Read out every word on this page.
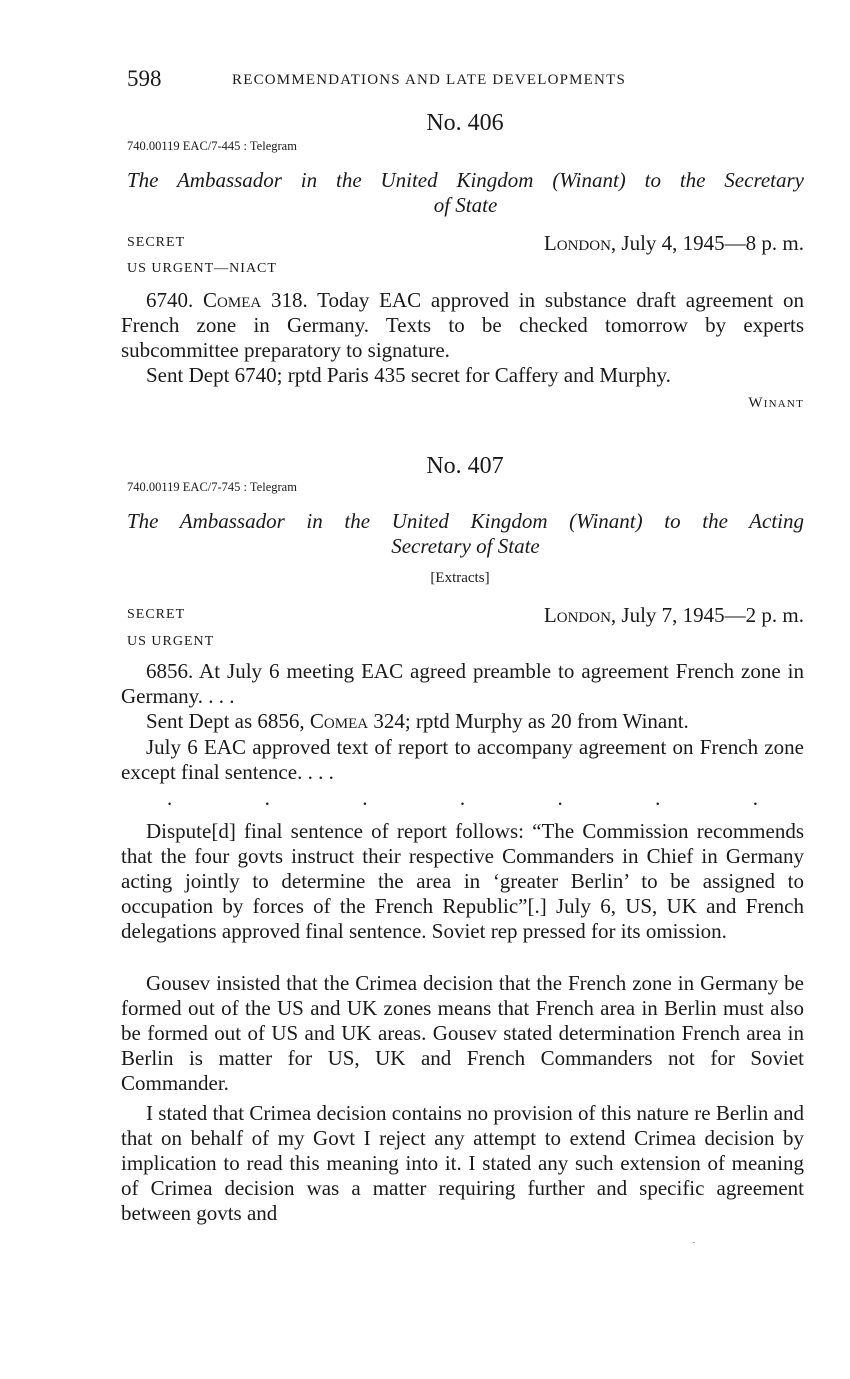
598	RECOMMENDATIONS AND LATE DEVELOPMENTS
No. 406
740.00119 EAC/7-445 : Telegram
The Ambassador in the United Kingdom (Winant) to the Secretary
of State
SECRET	London, July 4, 1945—8 p. m.
US URGENT—NIACT
6740. Comea 318. Today EAC approved in substance draft agreement on French zone in Germany. Texts to be checked tomorrow by experts subcommittee preparatory to signature.
Sent Dept 6740; rptd Paris 435 secret for Caffery and Murphy.
Winant
No. 407
740.00119 EAC/7-745 : Telegram
The Ambassador in the United Kingdom (Winant) to the Acting
Secretary of State
[Extracts]
SECRET	London, July 7, 1945—2 p. m.
US URGENT
6856. At July 6 meeting EAC agreed preamble to agreement French zone in Germany. . . .
Sent Dept as 6856, Comea 324; rptd Murphy as 20 from Winant.
July 6 EAC approved text of report to accompany agreement on French zone except final sentence. . . .
.	.	.	.	.	.	.
Dispute[d] final sentence of report follows: “The Commission recommends that the four govts instruct their respective Commanders in Chief in Germany acting jointly to determine the area in ‘greater Berlin’ to be assigned to occupation by forces of the French Republic”[.] July 6, US, UK and French delegations approved final sentence. Soviet rep pressed for its omission.
Gousev insisted that the Crimea decision that the French zone in Germany be formed out of the US and UK zones means that French area in Berlin must also be formed out of US and UK areas. Gousev stated determination French area in Berlin is matter for US, UK and French Commanders not for Soviet Commander.
I stated that Crimea decision contains no provision of this nature re Berlin and that on behalf of my Govt I reject any attempt to extend Crimea decision by implication to read this meaning into it. I stated any such extension of meaning of Crimea decision was a matter requiring further and specific agreement between govts and
